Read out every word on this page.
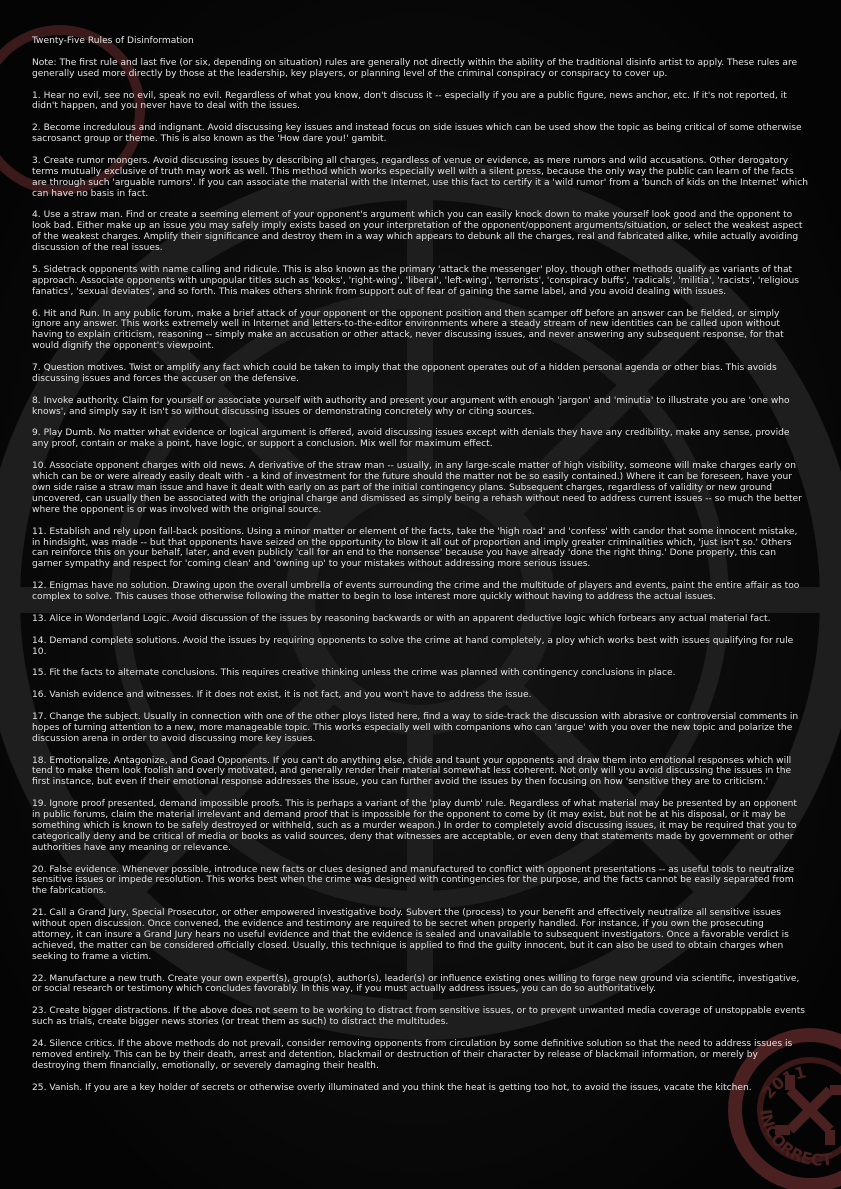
INCORRECT
2011
Twenty-Five Rules of Disinformation

Note: The first rule and last five (or six, depending on situation) rules are generally not directly within the ability of the traditional disinfo artist to apply. These rules are generally used more directly by those at the leadership, key players, or planning level of the criminal conspiracy or conspiracy to cover up.

1. Hear no evil, see no evil, speak no evil. Regardless of what you know, don't discuss it -- especially if you are a public figure, news anchor, etc. If it's not reported, it didn't happen, and you never have to deal with the issues.

2. Become incredulous and indignant. Avoid discussing key issues and instead focus on side issues which can be used show the topic as being critical of some otherwise sacrosanct group or theme. This is also known as the 'How dare you!' gambit.

3. Create rumor mongers. Avoid discussing issues by describing all charges, regardless of venue or evidence, as mere rumors and wild accusations. Other derogatory terms mutually exclusive of truth may work as well. This method which works especially well with a silent press, because the only way the public can learn of the facts are through such 'arguable rumors'. If you can associate the material with the Internet, use this fact to certify it a 'wild rumor' from a 'bunch of kids on the Internet' which can have no basis in fact.

4. Use a straw man. Find or create a seeming element of your opponent's argument which you can easily knock down to make yourself look good and the opponent to look bad. Either make up an issue you may safely imply exists based on your interpretation of the opponent/opponent arguments/situation, or select the weakest aspect of the weakest charges. Amplify their significance and destroy them in a way which appears to debunk all the charges, real and fabricated alike, while actually avoiding discussion of the real issues.

5. Sidetrack opponents with name calling and ridicule. This is also known as the primary 'attack the messenger' ploy, though other methods qualify as variants of that approach. Associate opponents with unpopular titles such as 'kooks', 'right-wing', 'liberal', 'left-wing', 'terrorists', 'conspiracy buffs', 'radicals', 'militia', 'racists', 'religious fanatics', 'sexual deviates', and so forth. This makes others shrink from support out of fear of gaining the same label, and you avoid dealing with issues.

6. Hit and Run. In any public forum, make a brief attack of your opponent or the opponent position and then scamper off before an answer can be fielded, or simply ignore any answer. This works extremely well in Internet and letters-to-the-editor environments where a steady stream of new identities can be called upon without having to explain criticism, reasoning -- simply make an accusation or other attack, never discussing issues, and never answering any subsequent response, for that would dignify the opponent's viewpoint.

7. Question motives. Twist or amplify any fact which could be taken to imply that the opponent operates out of a hidden personal agenda or other bias. This avoids discussing issues and forces the accuser on the defensive.

8. Invoke authority. Claim for yourself or associate yourself with authority and present your argument with enough 'jargon' and 'minutia' to illustrate you are 'one who knows', and simply say it isn't so without discussing issues or demonstrating concretely why or citing sources.

9. Play Dumb. No matter what evidence or logical argument is offered, avoid discussing issues except with denials they have any credibility, make any sense, provide any proof, contain or make a point, have logic, or support a conclusion. Mix well for maximum effect.

10. Associate opponent charges with old news. A derivative of the straw man -- usually, in any large-scale matter of high visibility, someone will make charges early on which can be or were already easily dealt with - a kind of investment for the future should the matter not be so easily contained.) Where it can be foreseen, have your own side raise a straw man issue and have it dealt with early on as part of the initial contingency plans. Subsequent charges, regardless of validity or new ground uncovered, can usually then be associated with the original charge and dismissed as simply being a rehash without need to address current issues -- so much the better where the opponent is or was involved with the original source.

11. Establish and rely upon fall-back positions. Using a minor matter or element of the facts, take the 'high road' and 'confess' with candor that some innocent mistake, in hindsight, was made -- but that opponents have seized on the opportunity to blow it all out of proportion and imply greater criminalities which, 'just isn't so.' Others can reinforce this on your behalf, later, and even publicly 'call for an end to the nonsense' because you have already 'done the right thing.' Done properly, this can garner sympathy and respect for 'coming clean' and 'owning up' to your mistakes without addressing more serious issues.

12. Enigmas have no solution. Drawing upon the overall umbrella of events surrounding the crime and the multitude of players and events, paint the entire affair as too complex to solve. This causes those otherwise following the matter to begin to lose interest more quickly without having to address the actual issues.

13. Alice in Wonderland Logic. Avoid discussion of the issues by reasoning backwards or with an apparent deductive logic which forbears any actual material fact.

14. Demand complete solutions. Avoid the issues by requiring opponents to solve the crime at hand completely, a ploy which works best with issues qualifying for rule 10.

15. Fit the facts to alternate conclusions. This requires creative thinking unless the crime was planned with contingency conclusions in place.

16. Vanish evidence and witnesses. If it does not exist, it is not fact, and you won't have to address the issue.

17. Change the subject. Usually in connection with one of the other ploys listed here, find a way to side-track the discussion with abrasive or controversial comments in hopes of turning attention to a new, more manageable topic. This works especially well with companions who can 'argue' with you over the new topic and polarize the discussion arena in order to avoid discussing more key issues.

18. Emotionalize, Antagonize, and Goad Opponents. If you can't do anything else, chide and taunt your opponents and draw them into emotional responses which will tend to make them look foolish and overly motivated, and generally render their material somewhat less coherent. Not only will you avoid discussing the issues in the first instance, but even if their emotional response addresses the issue, you can further avoid the issues by then focusing on how 'sensitive they are to criticism.'

19. Ignore proof presented, demand impossible proofs. This is perhaps a variant of the 'play dumb' rule. Regardless of what material may be presented by an opponent in public forums, claim the material irrelevant and demand proof that is impossible for the opponent to come by (it may exist, but not be at his disposal, or it may be something which is known to be safely destroyed or withheld, such as a murder weapon.) In order to completely avoid discussing issues, it may be required that you to categorically deny and be critical of media or books as valid sources, deny that witnesses are acceptable, or even deny that statements made by government or other authorities have any meaning or relevance.

20. False evidence. Whenever possible, introduce new facts or clues designed and manufactured to conflict with opponent presentations -- as useful tools to neutralize sensitive issues or impede resolution. This works best when the crime was designed with contingencies for the purpose, and the facts cannot be easily separated from the fabrications.

21. Call a Grand Jury, Special Prosecutor, or other empowered investigative body. Subvert the (process) to your benefit and effectively neutralize all sensitive issues without open discussion. Once convened, the evidence and testimony are required to be secret when properly handled. For instance, if you own the prosecuting attorney, it can insure a Grand Jury hears no useful evidence and that the evidence is sealed and unavailable to subsequent investigators. Once a favorable verdict is achieved, the matter can be considered officially closed. Usually, this technique is applied to find the guilty innocent, but it can also be used to obtain charges when seeking to frame a victim.

22. Manufacture a new truth. Create your own expert(s), group(s), author(s), leader(s) or influence existing ones willing to forge new ground via scientific, investigative, or social research or testimony which concludes favorably. In this way, if you must actually address issues, you can do so authoritatively.

23. Create bigger distractions. If the above does not seem to be working to distract from sensitive issues, or to prevent unwanted media coverage of unstoppable events such as trials, create bigger news stories (or treat them as such) to distract the multitudes.

24. Silence critics. If the above methods do not prevail, consider removing opponents from circulation by some definitive solution so that the need to address issues is removed entirely. This can be by their death, arrest and detention, blackmail or destruction of their character by release of blackmail information, or merely by destroying them financially, emotionally, or severely damaging their health.

25. Vanish. If you are a key holder of secrets or otherwise overly illuminated and you think the heat is getting too hot, to avoid the issues, vacate the kitchen.
